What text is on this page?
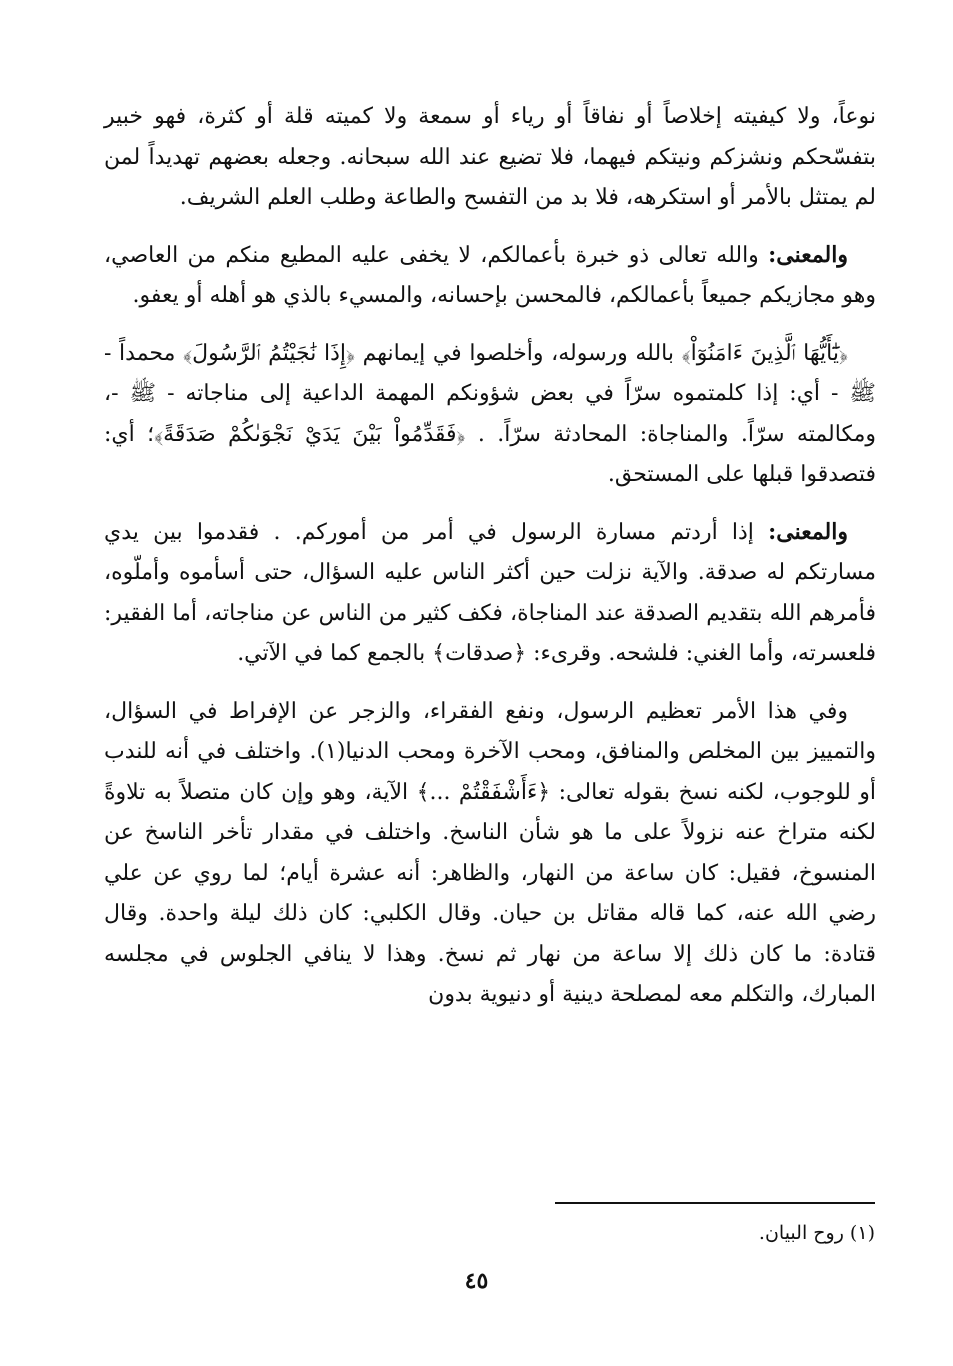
نوعاً، ولا كيفيته إخلاصاً أو نفاقاً أو رياء أو سمعة ولا كميته قلة أو كثرة، فهو خبير بتفسّحكم ونشزكم ونيتكم فيهما، فلا تضيع عند الله سبحانه. وجعله بعضهم تهديداً لمن لم يمتثل بالأمر أو استكرهه، فلا بد من التفسح والطاعة وطلب العلم الشريف.

والمعنى: والله تعالى ذو خبرة بأعمالكم، لا يخفى عليه المطيع منكم من العاصي، وهو مجازيكم جميعاً بأعمالكم، فالمحسن بإحسانه، والمسيء بالذي هو أهله أو يعفو.

﴿يَٰٓأَيُّهَا ٱلَّذِينَ ءَامَنُوٓاْ﴾ بالله ورسوله، وأخلصوا في إيمانهم ﴿إِذَا نَٰجَيْتُمُ ٱلرَّسُولَ﴾ محمداً - ﷺ - أي: إذا كلمتموه سرّاً في بعض شؤونكم المهمة الداعية إلى مناجاته - ﷺ -، ومكالمته سرّاً. والمناجاة: المحادثة سرّاً. . ﴿فَقَدِّمُواْ بَيْنَ يَدَيْ نَجْوَىٰكُمْ صَدَقَةً﴾؛ أي: فتصدقوا قبلها على المستحق.

والمعنى: إذا أردتم مسارة الرسول في أمر من أموركم. . فقدموا بين يدي مسارتكم له صدقة. والآية نزلت حين أكثر الناس عليه السؤال، حتى أسأموه وأملّوه، فأمرهم الله بتقديم الصدقة عند المناجاة، فكف كثير من الناس عن مناجاته، أما الفقير: فلعسرته، وأما الغني: فلشحه. وقرىء: ﴿صدقات﴾ بالجمع كما في الآتي.

وفي هذا الأمر تعظيم الرسول، ونفع الفقراء، والزجر عن الإفراط في السؤال، والتمييز بين المخلص والمنافق، ومحب الآخرة ومحب الدنيا(١). واختلف في أنه للندب أو للوجوب، لكنه نسخ بقوله تعالى: ﴿ءَأَشْفَقْتُمْ ...﴾ الآية، وهو وإن كان متصلاً به تلاوةً لكنه متراخ عنه نزولاً على ما هو شأن الناسخ. واختلف في مقدار تأخر الناسخ عن المنسوخ، فقيل: كان ساعة من النهار، والظاهر: أنه عشرة أيام؛ لما روي عن علي رضي الله عنه، كما قاله مقاتل بن حيان. وقال الكلبي: كان ذلك ليلة واحدة. وقال قتادة: ما كان ذلك إلا ساعة من نهار ثم نسخ. وهذا لا ينافي الجلوس في مجلسه المبارك، والتكلم معه لمصلحة دينية أو دنيوية بدون

(١) روح البيان.
٤٥
